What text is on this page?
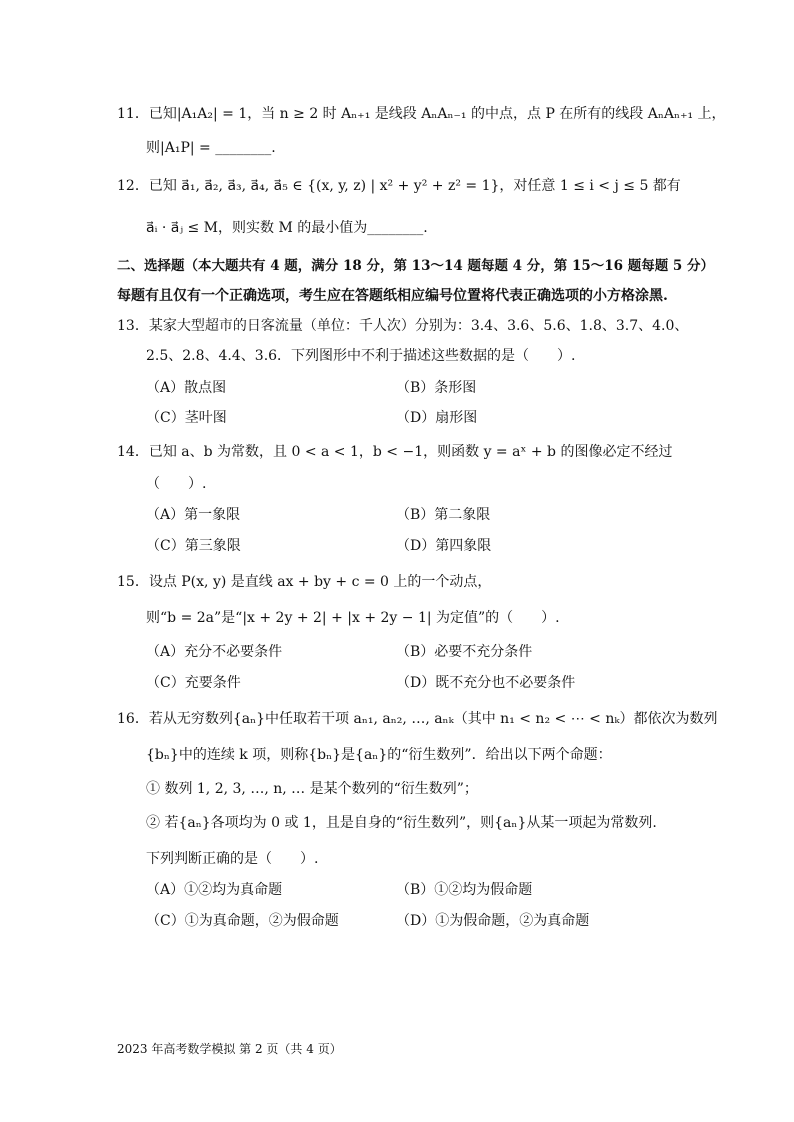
11．已知|A₁A₂| = 1，当 n ≥ 2 时 Aₙ₊₁ 是线段 AₙAₙ₋₁ 的中点，点 P 在所有的线段 AₙAₙ₊₁ 上，
则|A₁P| = ________.
12．已知 a⃗₁, a⃗₂, a⃗₃, a⃗₄, a⃗₅ ∈ {(x, y, z) | x² + y² + z² = 1}，对任意 1 ≤ i < j ≤ 5 都有
a⃗ᵢ · a⃗ⱼ ≤ M，则实数 M 的最小值为________.
二、选择题（本大题共有 4 题，满分 18 分，第 13～14 题每题 4 分，第 15～16 题每题 5 分）
每题有且仅有一个正确选项，考生应在答题纸相应编号位置将代表正确选项的小方格涂黑.
13．某家大型超市的日客流量（单位：千人次）分别为：3.4、3.6、5.6、1.8、3.7、4.0、
2.5、2.8、4.4、3.6．下列图形中不利于描述这些数据的是（　　）.
（A）散点图	（B）条形图
（C）茎叶图	（D）扇形图
14．已知 a、b 为常数，且 0 < a < 1，b < −1，则函数 y = aˣ + b 的图像必定不经过
（　　）.
（A）第一象限	（B）第二象限
（C）第三象限	（D）第四象限
15．设点 P(x, y) 是直线 ax + by + c = 0 上的一个动点，
则“b = 2a”是“|x + 2y + 2| + |x + 2y − 1| 为定值”的（　　）.
（A）充分不必要条件	（B）必要不充分条件
（C）充要条件	（D）既不充分也不必要条件
16．若从无穷数列{aₙ}中任取若干项 aₙ₁, aₙ₂, …, aₙₖ（其中 n₁ < n₂ < ⋯ < nₖ）都依次为数列
{bₙ}中的连续 k 项，则称{bₙ}是{aₙ}的“衍生数列”．给出以下两个命题：
① 数列 1, 2, 3, …, n, … 是某个数列的“衍生数列”；
② 若{aₙ}各项均为 0 或 1，且是自身的“衍生数列”，则{aₙ}从某一项起为常数列.
下列判断正确的是（　　）.
（A）①②均为真命题	（B）①②均为假命题
（C）①为真命题，②为假命题	（D）①为假命题，②为真命题
2023 年高考数学模拟 第 2 页（共 4 页）
